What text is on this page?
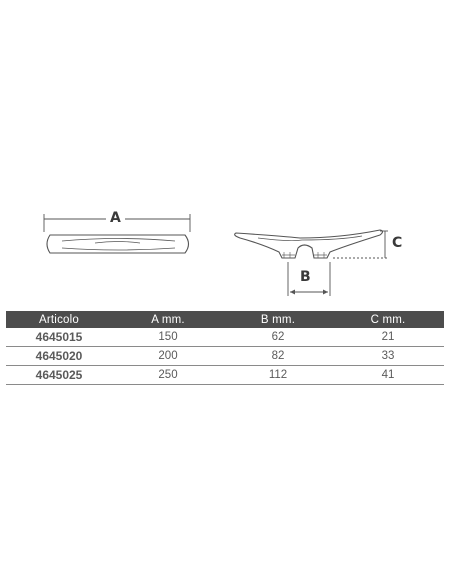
A
B
C
Articolo	A mm.	B mm.	C mm.
4645015	150	62	21
4645020	200	82	33
4645025	250	112	41
